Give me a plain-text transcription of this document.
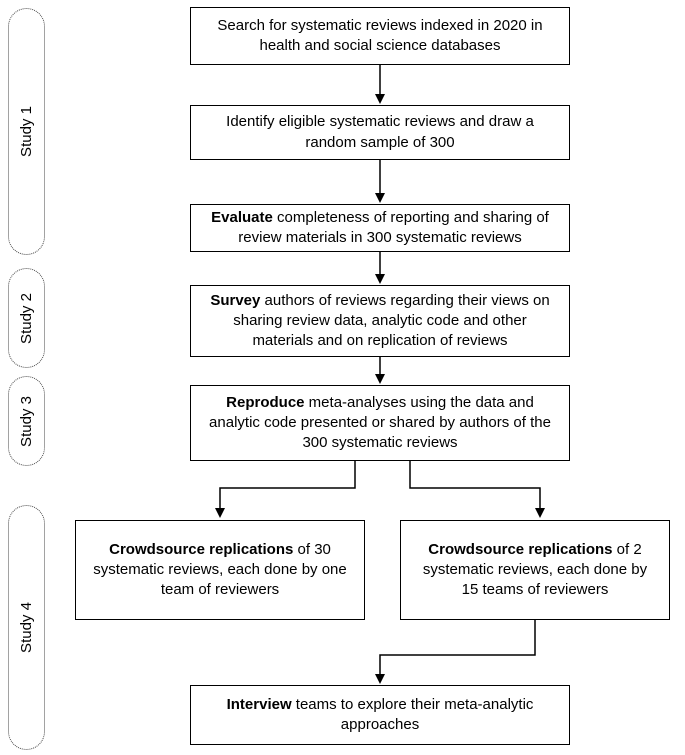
Study 1
Study 2
Study 3
Study 4

Search for systematic reviews indexed in 2020 in health and social science databases

Identify eligible systematic reviews and draw a random sample of 300

Evaluate completeness of reporting and sharing of review materials in 300 systematic reviews

Survey authors of reviews regarding their views on sharing review data, analytic code and other materials and on replication of reviews

Reproduce meta-analyses using the data and analytic code presented or shared by authors of the 300 systematic reviews

Crowdsource replications of 30 systematic reviews, each done by one team of reviewers

Crowdsource replications of 2 systematic reviews, each done by 15 teams of reviewers

Interview teams to explore their meta-analytic approaches
